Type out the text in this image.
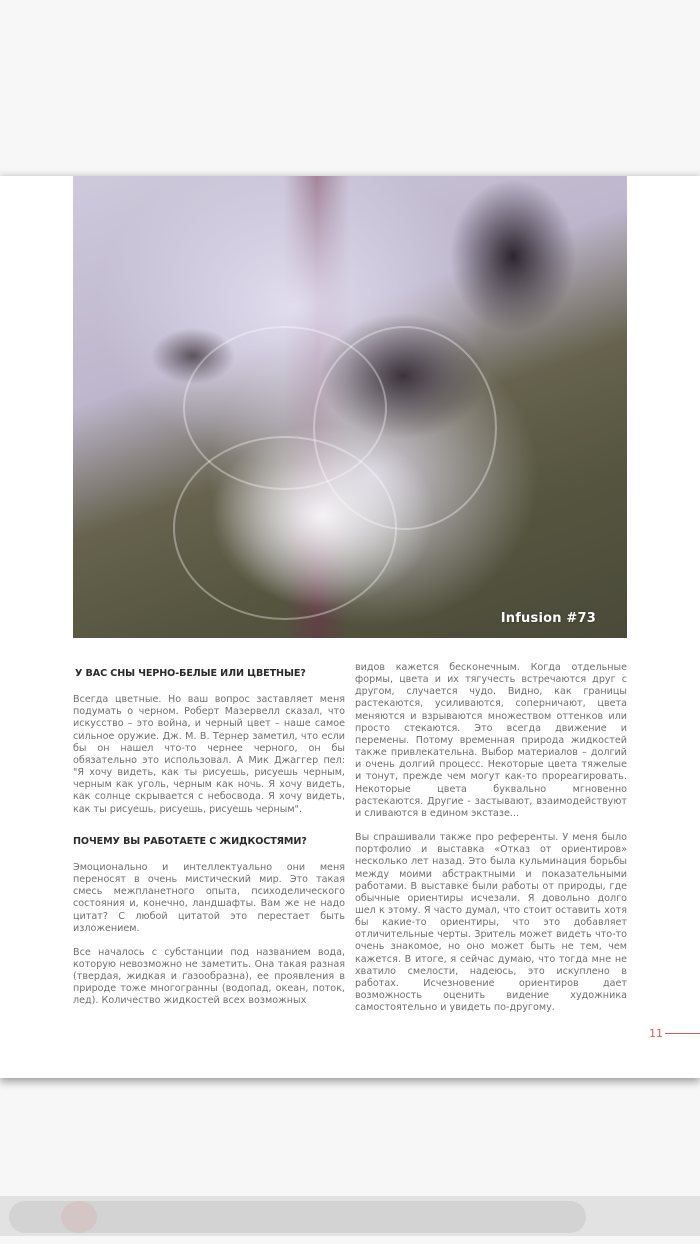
Infusion #73
У ВАС СНЫ ЧЕРНО-БЕЛЫЕ ИЛИ ЦВЕТНЫЕ?

Всегда цветные. Но ваш вопрос заставляет меня подумать о черном. Роберт Мазервелл сказал, что искусство – это война, и черный цвет – наше самое сильное оружие. Дж. М. В. Тернер заметил, что если бы он нашел что-то чернее черного, он бы обязательно это использовал. А Мик Джаггер пел: "Я хочу видеть, как ты рисуешь, рисуешь черным, черным как уголь, черным как ночь. Я хочу видеть, как солнце скрывается с небосвода. Я хочу видеть, как ты рисуешь, рисуешь, рисуешь черным".

ПОЧЕМУ ВЫ РАБОТАЕТЕ С ЖИДКОСТЯМИ?

Эмоционально и интеллектуально они меня переносят в очень мистический мир. Это такая смесь межпланетного опыта, психоделического состояния и, конечно, ландшафты. Вам же не надо цитат? С любой цитатой это перестает быть изложением.

Все началось с субстанции под названием вода, которую невозможно не заметить. Она такая разная (твердая, жидкая и газообразна), ее проявления в природе тоже многогранны (водопад, океан, поток, лед). Количество жидкостей всех возможных

видов кажется бесконечным. Когда отдельные формы, цвета и их тягучесть встречаются друг с другом, случается чудо. Видно, как границы растекаются, усиливаются, соперничают, цвета меняются и взрываются множеством оттенков или просто стекаются. Это всегда движение и перемены. Потому временная природа жидкостей также привлекательна. Выбор материалов – долгий и очень долгий процесс. Некоторые цвета тяжелые и тонут, прежде чем могут как-то прореагировать. Некоторые цвета буквально мгновенно растекаются. Другие - застывают, взаимодействуют и сливаются в едином экстазе...

Вы спрашивали также про референты. У меня было портфолио и выставка «Отказ от ориентиров» несколько лет назад. Это была кульминация борьбы между моими абстрактными и показательными работами. В выставке были работы от природы, где обычные ориентиры исчезали. Я довольно долго шел к этому. Я часто думал, что стоит оставить хотя бы какие-то ориентиры, что это добавляет отличительные черты. Зритель может видеть что-то очень знакомое, но оно может быть не тем, чем кажется. В итоге, я сейчас думаю, что тогда мне не хватило смелости, надеюсь, это искуплено в работах. Исчезновение ориентиров дает возможность оценить видение художника самостоятельно и увидеть по-другому.

11
